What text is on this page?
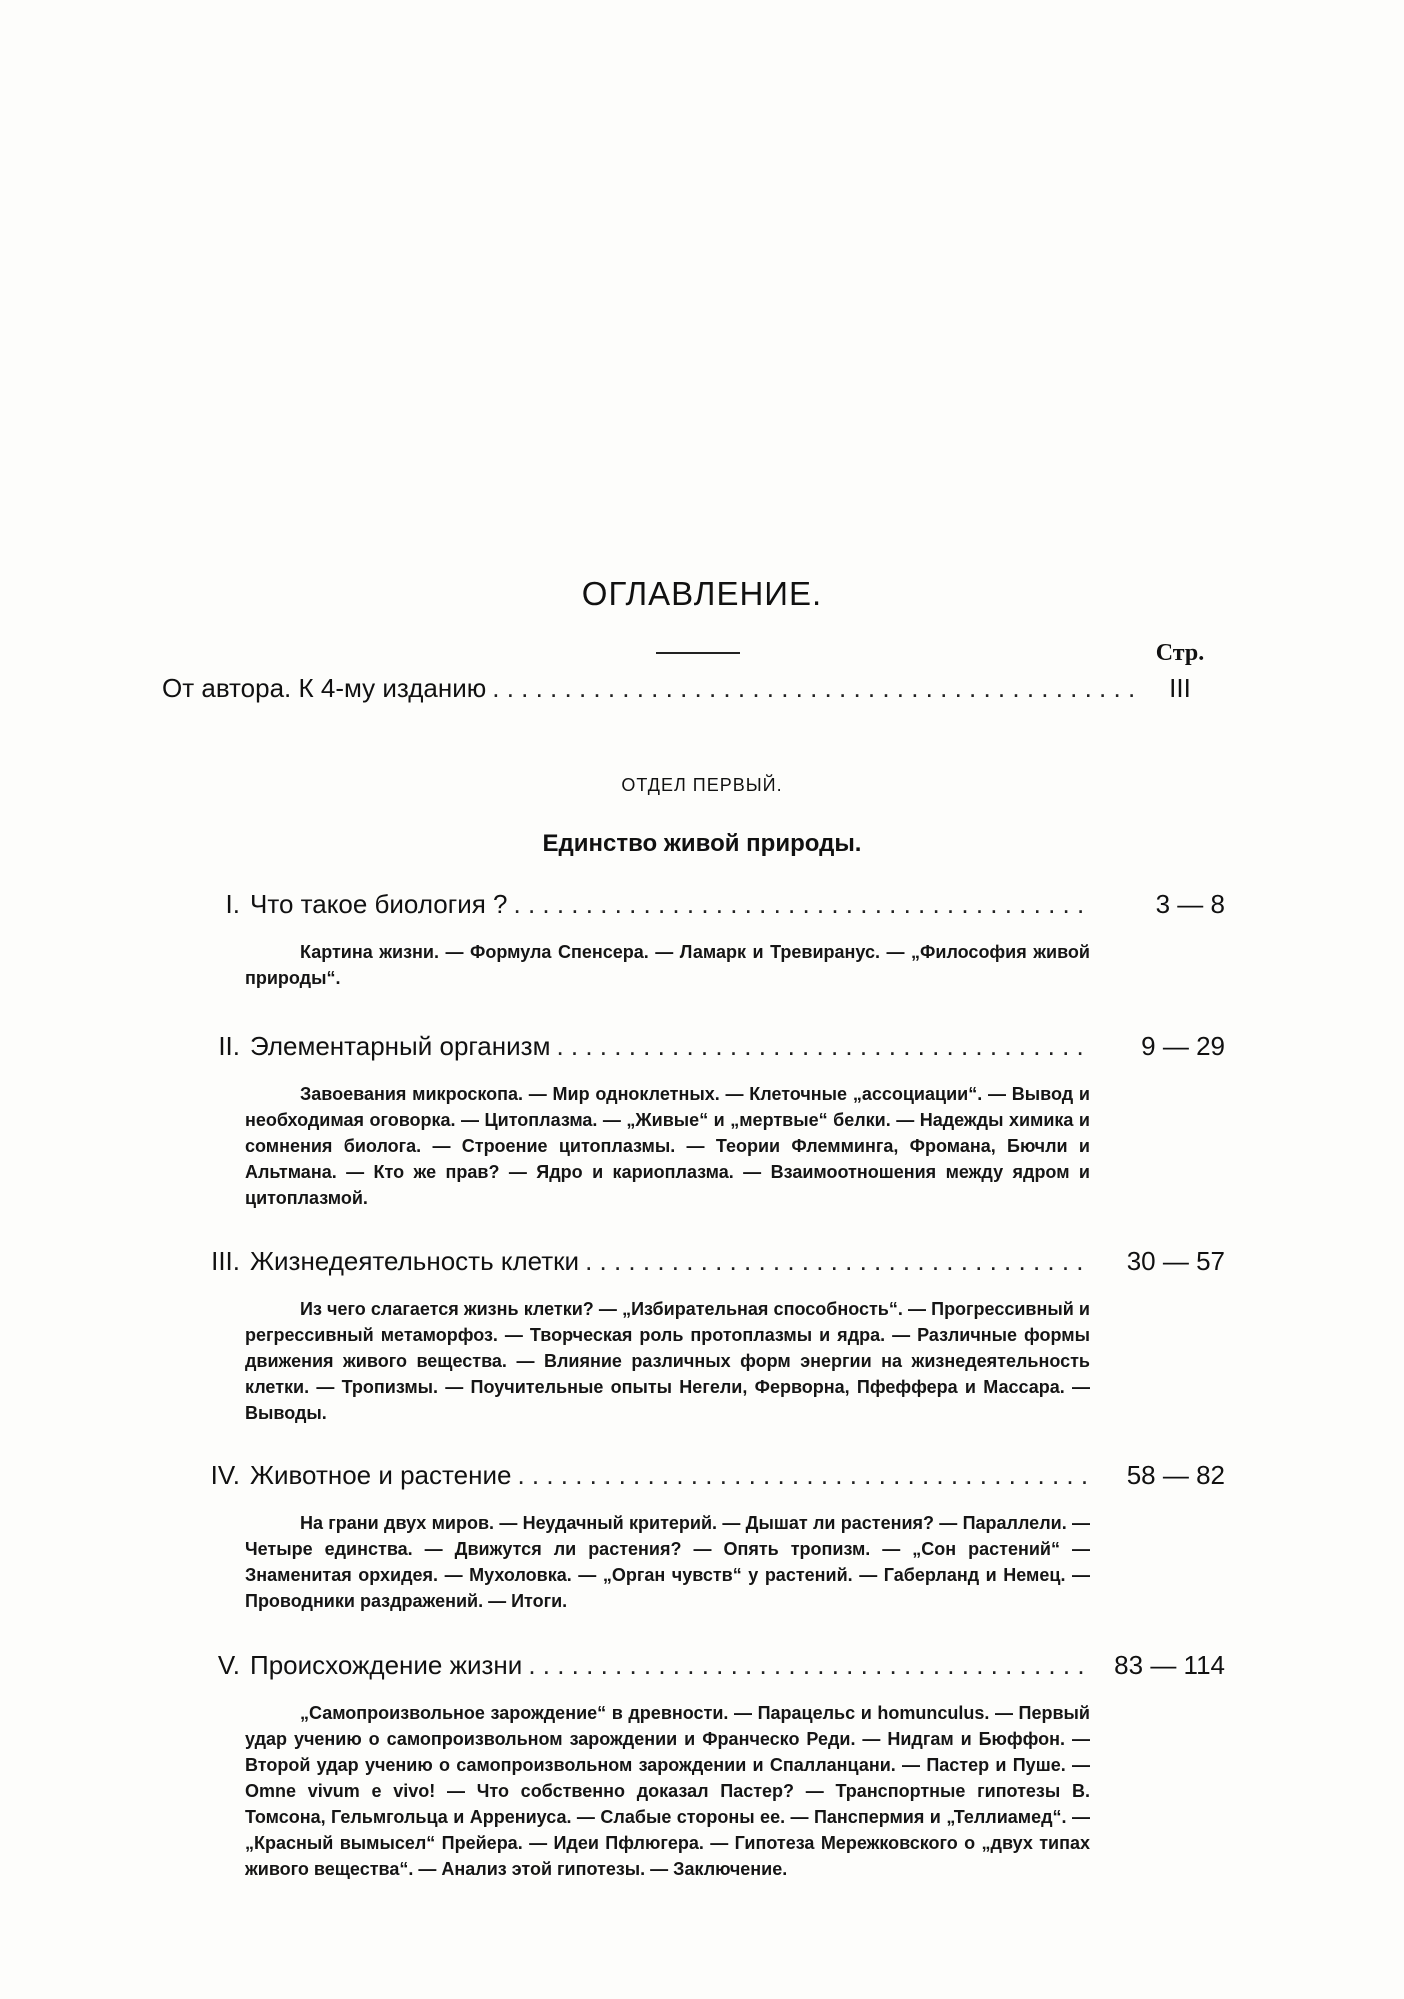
ОГЛАВЛЕНИЕ.
Стр.
От автора. К 4-му изданию . . .	III
ОТДЕЛ ПЕРВЫЙ.
Единство живой природы.
I. Что такое биология ? . . .	3 — 8
Картина жизни. — Формула Спенсера. — Ламарк и Тревиранус. — „Философия живой природы“.
II. Элементарный организм . . .	9 — 29
Завоевания микроскопа. — Мир одноклетных. — Клеточные „ассоциации“. — Вывод и необходимая оговорка. — Цитоплазма. — „Живые“ и „мертвые“ белки. — Надежды химика и сомнения биолога. — Строение цитоплазмы. — Теории Флемминга, Фромана, Бючли и Альтмана. — Кто же прав? — Ядро и кариоплазма. — Взаимоотношения между ядром и цитоплазмой.
III. Жизнедеятельность клетки . . .	30 — 57
Из чего слагается жизнь клетки? — „Избирательная способность“. — Прогрессивный и регрессивный метаморфоз. — Творческая роль протоплазмы и ядра. — Различные формы движения живого вещества. — Влияние различных форм энергии на жизнедеятельность клетки. — Тропизмы. — Поучительные опыты Негели, Ферворна, Пфеффера и Массара. — Выводы.
IV. Животное и растение . . .	58 — 82
На грани двух миров. — Неудачный критерий. — Дышат ли растения? — Параллели. — Четыре единства. — Движутся ли растения? — Опять тропизм. — „Сон растений“ — Знаменитая орхидея. — Мухоловка. — „Орган чувств“ у растений. — Габерланд и Немец. — Проводники раздражений. — Итоги.
V. Происхождение жизни . . .	83 — 114
„Самопроизвольное зарождение“ в древности. — Парацельс и homunculus. — Первый удар учению о самопроизвольном зарождении и Франческо Реди. — Нидгам и Бюффон. — Второй удар учению о самопроизвольном зарождении и Спалланцани. — Пастер и Пуше. — Omne vivum e vivo! — Что собственно доказал Пастер? — Транспортные гипотезы В. Томсона, Гельмгольца и Аррениуса. — Слабые стороны ее. — Панспермия и „Теллиамед“. — „Красный вымысел“ Прейера. — Идеи Пфлюгера. — Гипотеза Мережковского о „двух типах живого вещества“. — Анализ этой гипотезы. — Заключение.
